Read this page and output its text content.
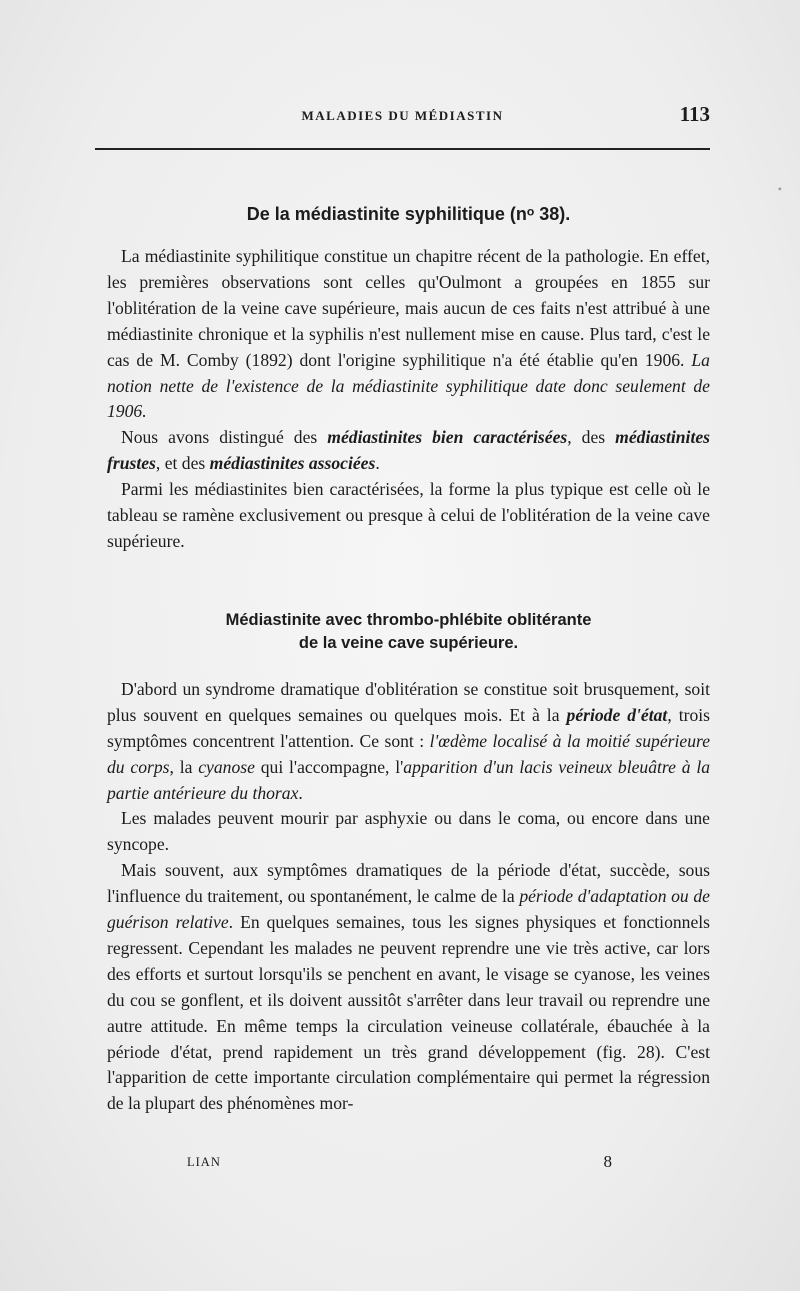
MALADIES DU MÉDIASTIN	113
•
De la médiastinite syphilitique (nᵒ 38).

La médiastinite syphilitique constitue un chapitre récent de la pathologie. En effet, les premières observations sont celles qu'Oulmont a groupées en 1855 sur l'oblitération de la veine cave supérieure, mais aucun de ces faits n'est attribué à une médiastinite chronique et la syphilis n'est nullement mise en cause. Plus tard, c'est le cas de M. Comby (1892) dont l'origine syphilitique n'a été établie qu'en 1906. La notion nette de l'existence de la médiastinite syphilitique date donc seulement de 1906.

Nous avons distingué des médiastinites bien caractérisées, des médiastinites frustes, et des médiastinites associées.

Parmi les médiastinites bien caractérisées, la forme la plus typique est celle où le tableau se ramène exclusivement ou presque à celui de l'oblitération de la veine cave supérieure.

Médiastinite avec thrombo-phlébite oblitérante
de la veine cave supérieure.

D'abord un syndrome dramatique d'oblitération se constitue soit brusquement, soit plus souvent en quelques semaines ou quelques mois. Et à la période d'état, trois symptômes concentrent l'attention. Ce sont : l'œdème localisé à la moitié supérieure du corps, la cyanose qui l'accompagne, l'apparition d'un lacis veineux bleuâtre à la partie antérieure du thorax.

Les malades peuvent mourir par asphyxie ou dans le coma, ou encore dans une syncope.

Mais souvent, aux symptômes dramatiques de la période d'état, succède, sous l'influence du traitement, ou spontanément, le calme de la période d'adaptation ou de guérison relative. En quelques semaines, tous les signes physiques et fonctionnels regressent. Cependant les malades ne peuvent reprendre une vie très active, car lors des efforts et surtout lorsqu'ils se penchent en avant, le visage se cyanose, les veines du cou se gonflent, et ils doivent aussitôt s'arrêter dans leur travail ou reprendre une autre attitude. En même temps la circulation veineuse collatérale, ébauchée à la période d'état, prend rapidement un très grand développement (fig. 28). C'est l'apparition de cette importante circulation complémentaire qui permet la régression de la plupart des phénomènes mor-

LIAN	8
